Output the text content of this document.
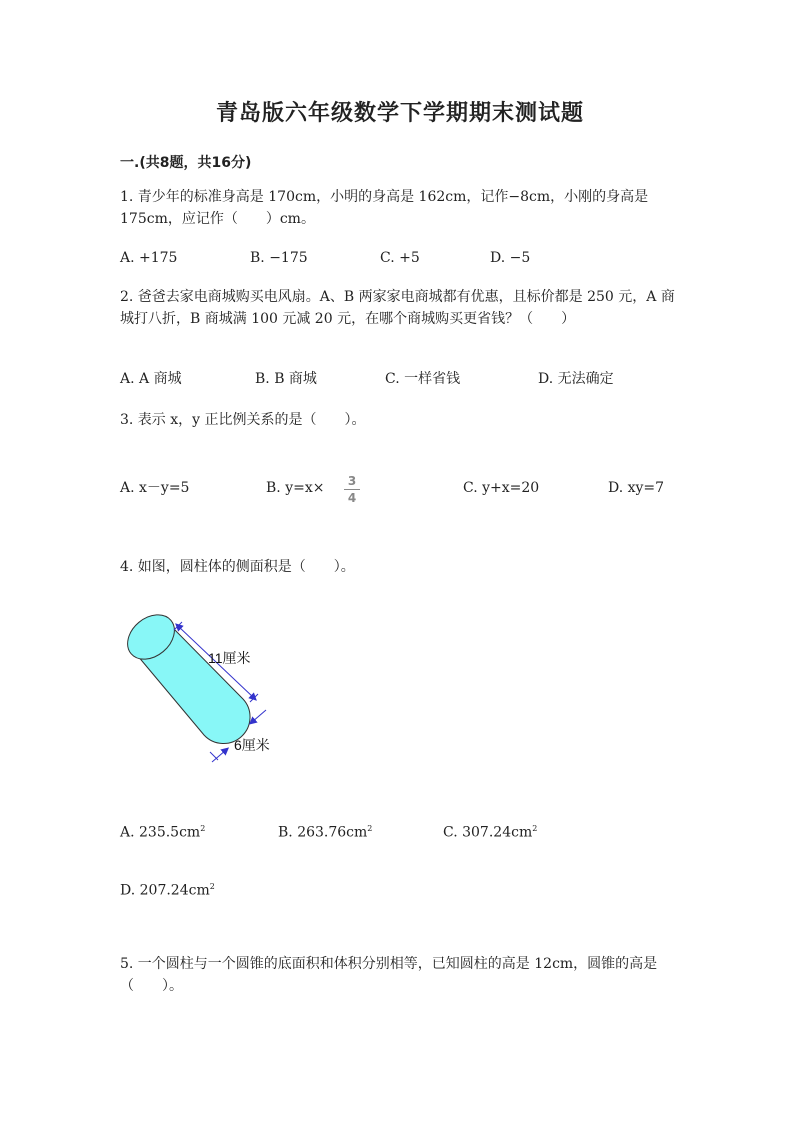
青岛版六年级数学下学期期末测试题
一.(共8题，共16分)
1. 青少年的标准身高是 170cm，小明的身高是 162cm，记作−8cm，小刚的身高是 175cm，应记作（　　）cm。
A. +175	B. −175	C. +5	D. −5
2. 爸爸去家电商城购买电风扇。A、B 两家家电商城都有优惠，且标价都是 250 元，A 商城打八折，B 商城满 100 元减 20 元，在哪个商城购买更省钱？（　　）
A. A 商城	B. B 商城	C. 一样省钱	D. 无法确定
3. 表示 x，y 正比例关系的是（　　）。
A. x－y=5	B. y=x×	3
4
C. y+x=20	D. xy=7
4. 如图，圆柱体的侧面积是（　　）。
11厘米
6厘米
A. $235.5cm^2$	B. $263.76cm^2$	C. $307.24cm^2$
D. $207.24cm^2$
5. 一个圆柱与一个圆锥的底面积和体积分别相等，已知圆柱的高是 12cm，圆锥的高是（　　）。
